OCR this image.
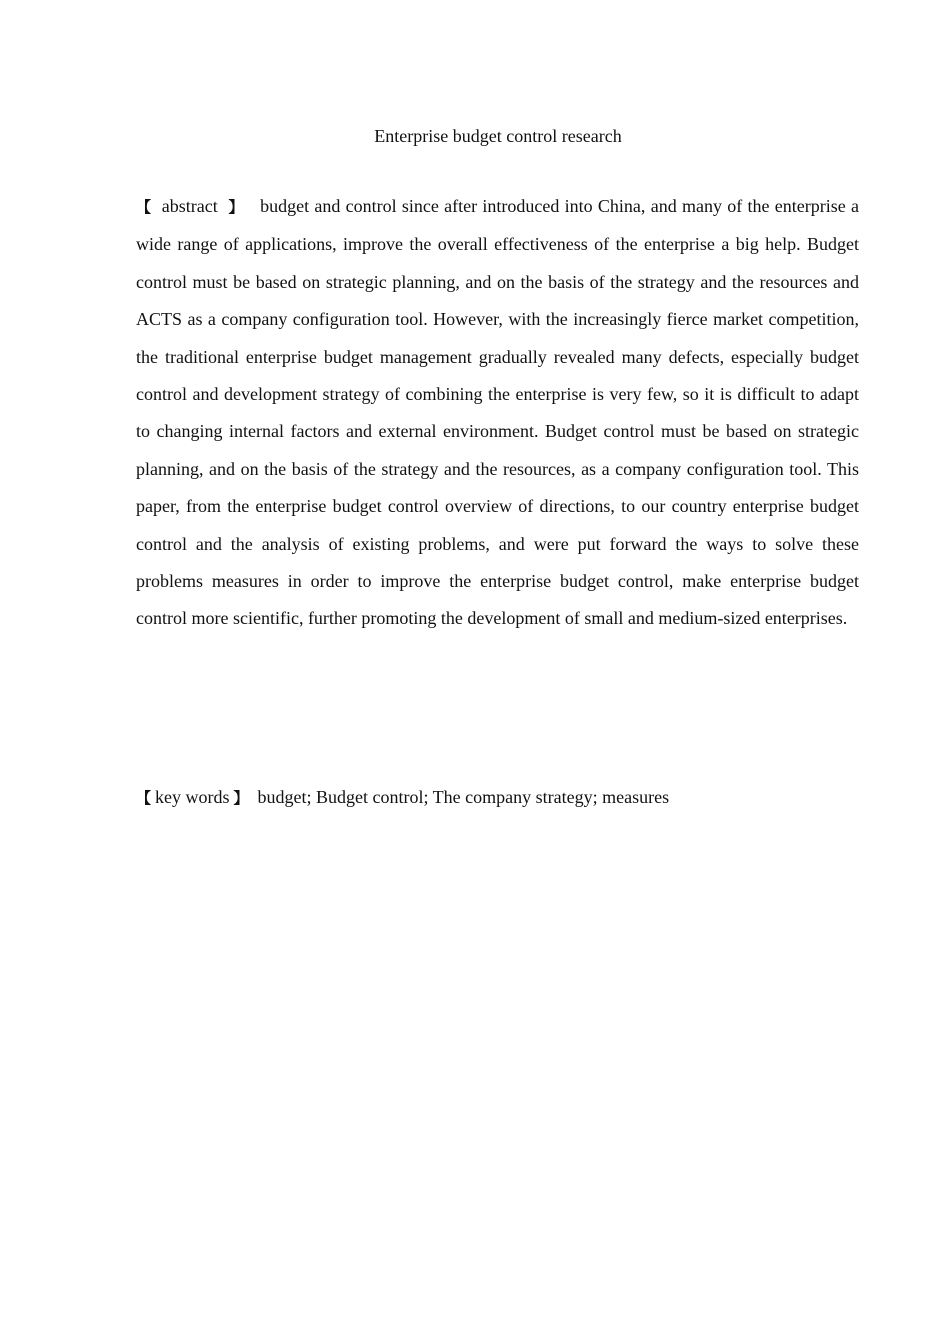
Enterprise budget control research

【 abstract 】 budget and control since after introduced into China, and many of the enterprise a wide range of applications, improve the overall effectiveness of the enterprise a big help. Budget control must be based on strategic planning, and on the basis of the strategy and the resources and ACTS as a company configuration tool. However, with the increasingly fierce market competition, the traditional enterprise budget management gradually revealed many defects, especially budget control and development strategy of combining the enterprise is very few, so it is difficult to adapt to changing internal factors and external environment. Budget control must be based on strategic planning, and on the basis of the strategy and the resources, as a company configuration tool. This paper, from the enterprise budget control overview of directions, to our country enterprise budget control and the analysis of existing problems, and were put forward the ways to solve these problems measures in order to improve the enterprise budget control, make enterprise budget control more scientific, further promoting the development of small and medium-sized enterprises.

【 key words 】 budget; Budget control; The company strategy; measures
